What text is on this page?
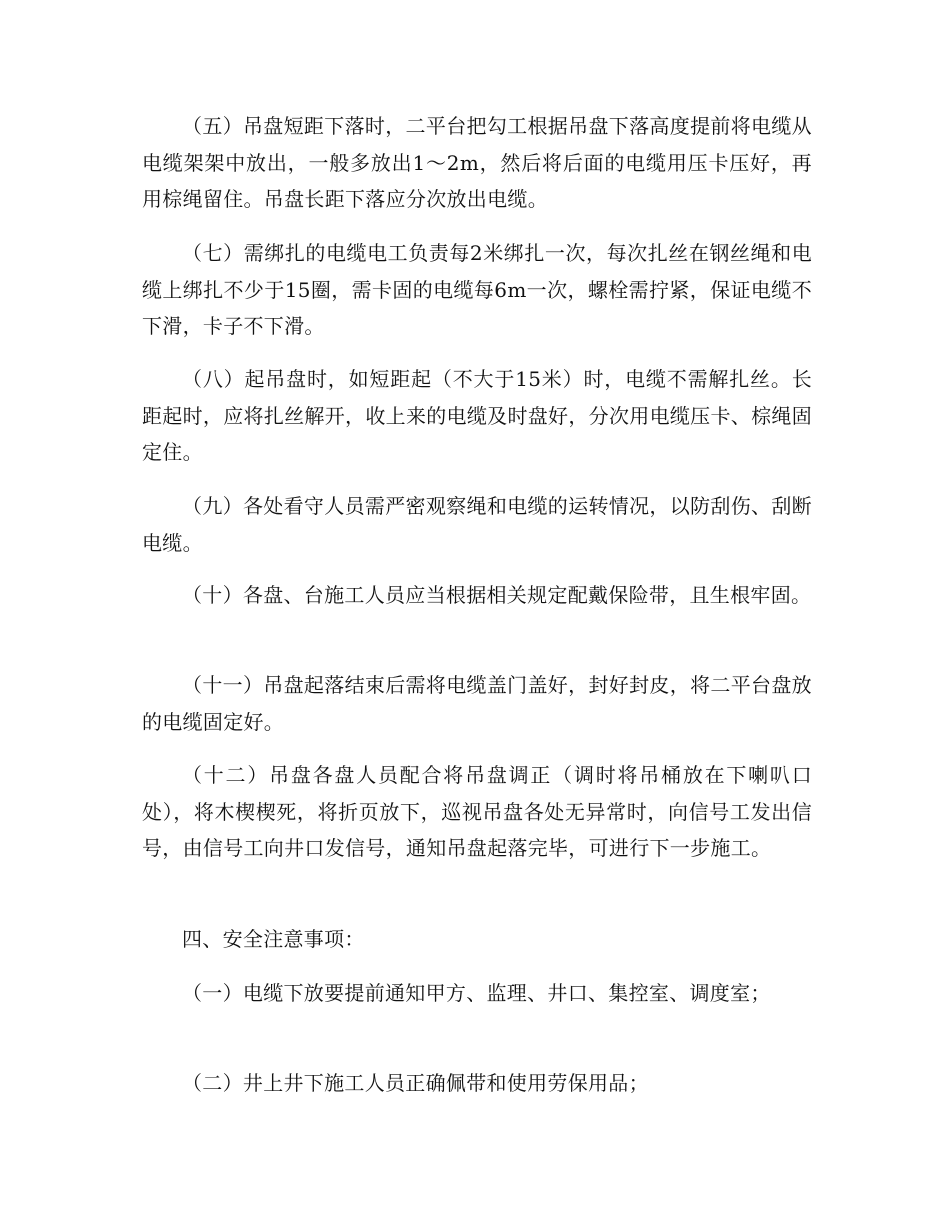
（五）吊盘短距下落时，二平台把勾工根据吊盘下落高度提前将电缆从电缆架架中放出，一般多放出1～2m，然后将后面的电缆用压卡压好，再用棕绳留住。吊盘长距下落应分次放出电缆。

（七）需绑扎的电缆电工负责每2米绑扎一次，每次扎丝在钢丝绳和电缆上绑扎不少于15圈，需卡固的电缆每6m一次，螺栓需拧紧，保证电缆不下滑，卡子不下滑。

（八）起吊盘时，如短距起（不大于15米）时，电缆不需解扎丝。长距起时，应将扎丝解开，收上来的电缆及时盘好，分次用电缆压卡、棕绳固定住。

（九）各处看守人员需严密观察绳和电缆的运转情况，以防刮伤、刮断电缆。

（十）各盘、台施工人员应当根据相关规定配戴保险带，且生根牢固。

（十一）吊盘起落结束后需将电缆盖门盖好，封好封皮，将二平台盘放的电缆固定好。

（十二）吊盘各盘人员配合将吊盘调正（调时将吊桶放在下喇叭口处），将木楔楔死，将折页放下，巡视吊盘各处无异常时，向信号工发出信号，由信号工向井口发信号，通知吊盘起落完毕，可进行下一步施工。

四、安全注意事项：

（一）电缆下放要提前通知甲方、监理、井口、集控室、调度室；

（二）井上井下施工人员正确佩带和使用劳保用品；
